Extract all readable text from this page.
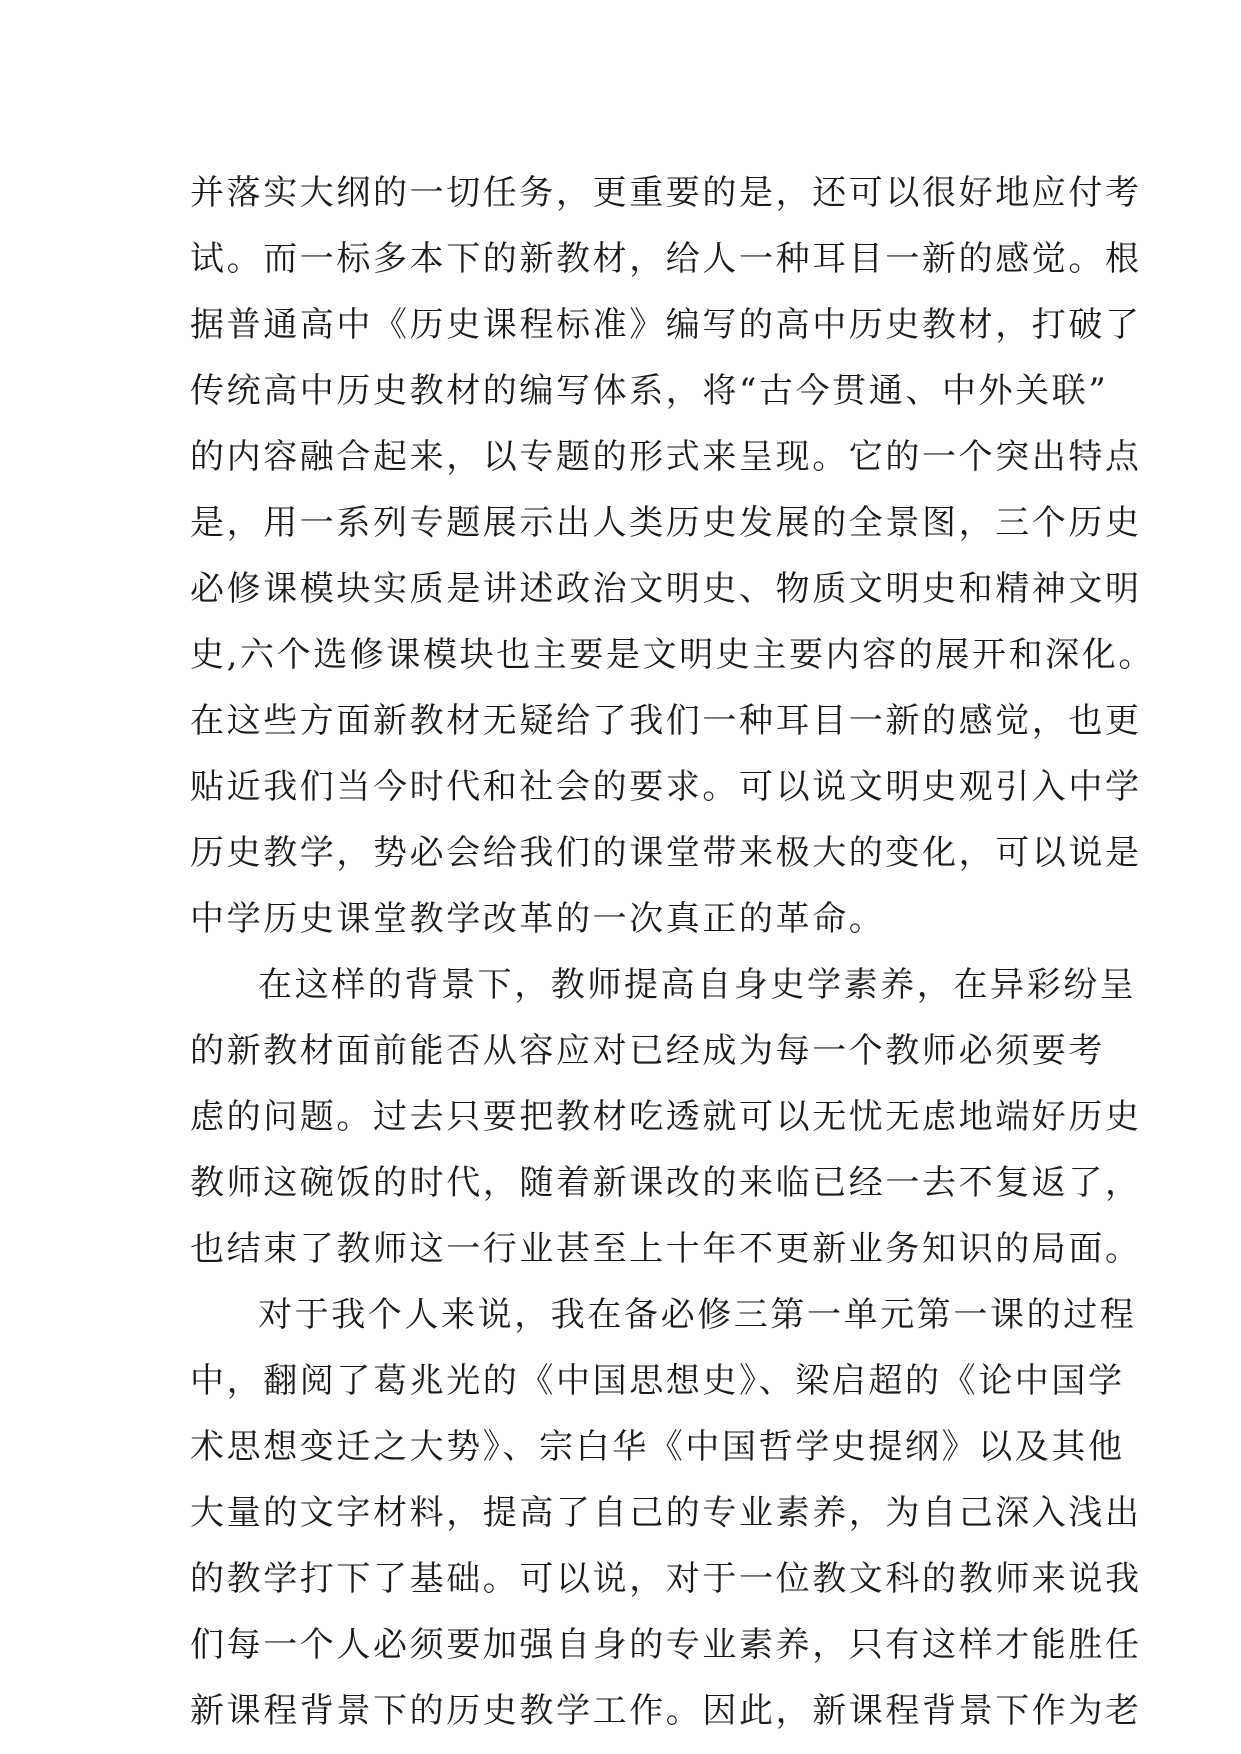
并落实大纲的一切任务，更重要的是，还可以很好地应付考
试。而一标多本下的新教材，给人一种耳目一新的感觉。根
据普通高中《历史课程标准》编写的高中历史教材，打破了
传统高中历史教材的编写体系，将“古今贯通、中外关联”
的内容融合起来，以专题的形式来呈现。它的一个突出特点
是，用一系列专题展示出人类历史发展的全景图，三个历史
必修课模块实质是讲述政治文明史、物质文明史和精神文明
史,六个选修课模块也主要是文明史主要内容的展开和深化。
在这些方面新教材无疑给了我们一种耳目一新的感觉，也更
贴近我们当今时代和社会的要求。可以说文明史观引入中学
历史教学，势必会给我们的课堂带来极大的变化，可以说是
中学历史课堂教学改革的一次真正的革命。
在这样的背景下，教师提高自身史学素养，在异彩纷呈
的新教材面前能否从容应对已经成为每一个教师必须要考
虑的问题。过去只要把教材吃透就可以无忧无虑地端好历史
教师这碗饭的时代，随着新课改的来临已经一去不复返了，
也结束了教师这一行业甚至上十年不更新业务知识的局面。
对于我个人来说，我在备必修三第一单元第一课的过程
中，翻阅了葛兆光的《中国思想史》、梁启超的《论中国学
术思想变迁之大势》、宗白华《中国哲学史提纲》以及其他
大量的文字材料，提高了自己的专业素养，为自己深入浅出
的教学打下了基础。可以说，对于一位教文科的教师来说我
们每一个人必须要加强自身的专业素养，只有这样才能胜任
新课程背景下的历史教学工作。因此，新课程背景下作为老
